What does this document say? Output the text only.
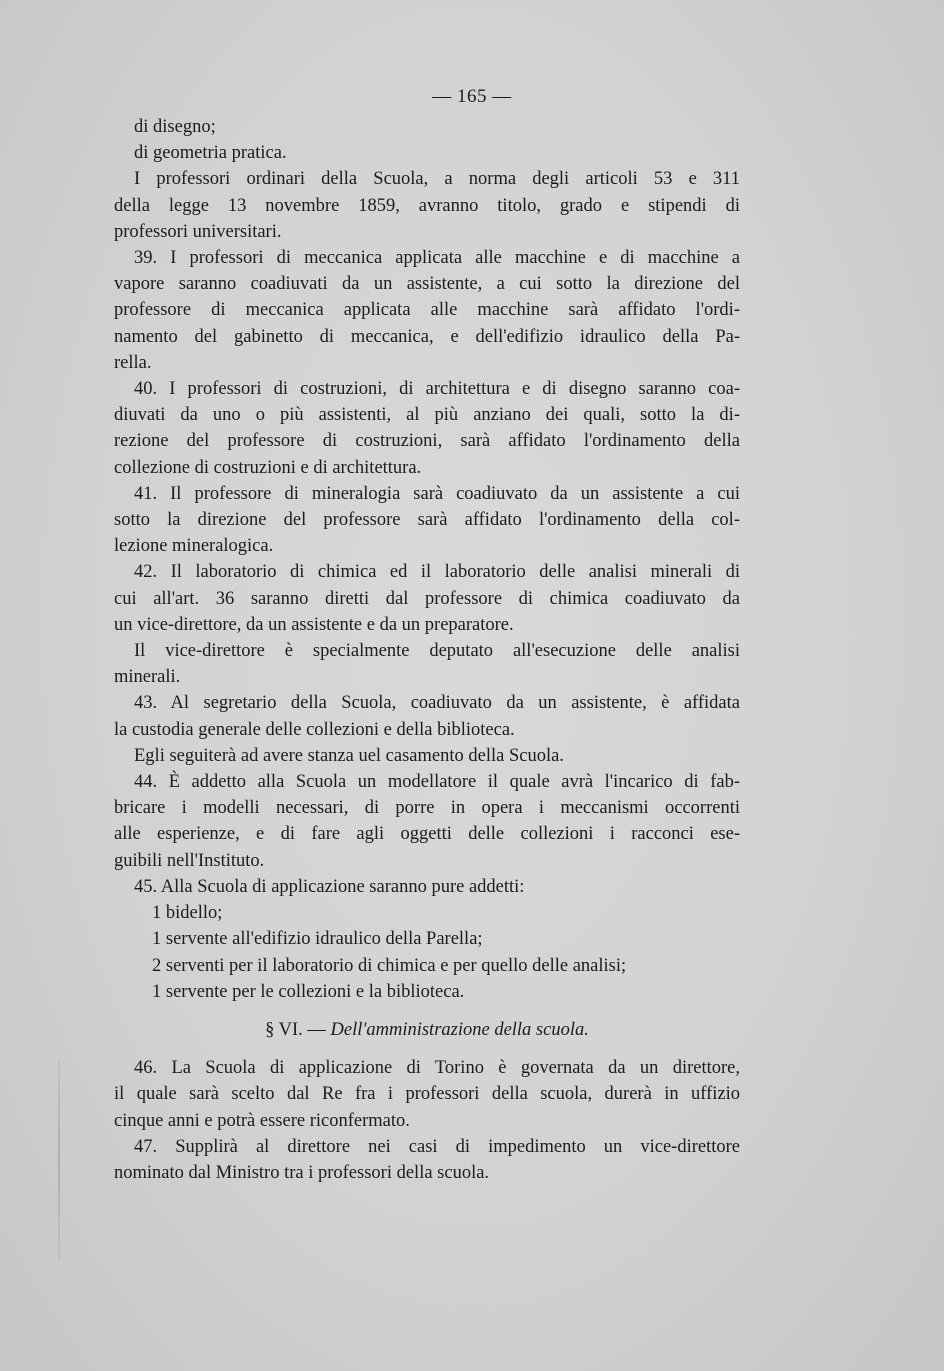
— 165 —
di disegno;
di geometria pratica.
I professori ordinari della Scuola, a norma degli articoli 53 e 311
della legge 13 novembre 1859, avranno titolo, grado e stipendi di
professori universitari.
39. I professori di meccanica applicata alle macchine e di macchine a
vapore saranno coadiuvati da un assistente, a cui sotto la direzione del
professore di meccanica applicata alle macchine sarà affidato l'ordi-
namento del gabinetto di meccanica, e dell'edifizio idraulico della Pa-
rella.
40. I professori di costruzioni, di architettura e di disegno saranno coa-
diuvati da uno o più assistenti, al più anziano dei quali, sotto la di-
rezione del professore di costruzioni, sarà affidato l'ordinamento della
collezione di costruzioni e di architettura.
41. Il professore di mineralogia sarà coadiuvato da un assistente a cui
sotto la direzione del professore sarà affidato l'ordinamento della col-
lezione mineralogica.
42. Il laboratorio di chimica ed il laboratorio delle analisi minerali di
cui all'art. 36 saranno diretti dal professore di chimica coadiuvato da
un vice-direttore, da un assistente e da un preparatore.
Il vice-direttore è specialmente deputato all'esecuzione delle analisi
minerali.
43. Al segretario della Scuola, coadiuvato da un assistente, è affidata
la custodia generale delle collezioni e della biblioteca.
Egli seguiterà ad avere stanza uel casamento della Scuola.
44. È addetto alla Scuola un modellatore il quale avrà l'incarico di fab-
bricare i modelli necessari, di porre in opera i meccanismi occorrenti
alle esperienze, e di fare agli oggetti delle collezioni i racconci ese-
guibili nell'Instituto.
45. Alla Scuola di applicazione saranno pure addetti:
1 bidello;
1 servente all'edifizio idraulico della Parella;
2 serventi per il laboratorio di chimica e per quello delle analisi;
1 servente per le collezioni e la biblioteca.
§ VI. — Dell'amministrazione della scuola.
46. La Scuola di applicazione di Torino è governata da un direttore,
il quale sarà scelto dal Re fra i professori della scuola, durerà in uffizio
cinque anni e potrà essere riconfermato.
47. Supplirà al direttore nei casi di impedimento un vice-direttore
nominato dal Ministro tra i professori della scuola.
